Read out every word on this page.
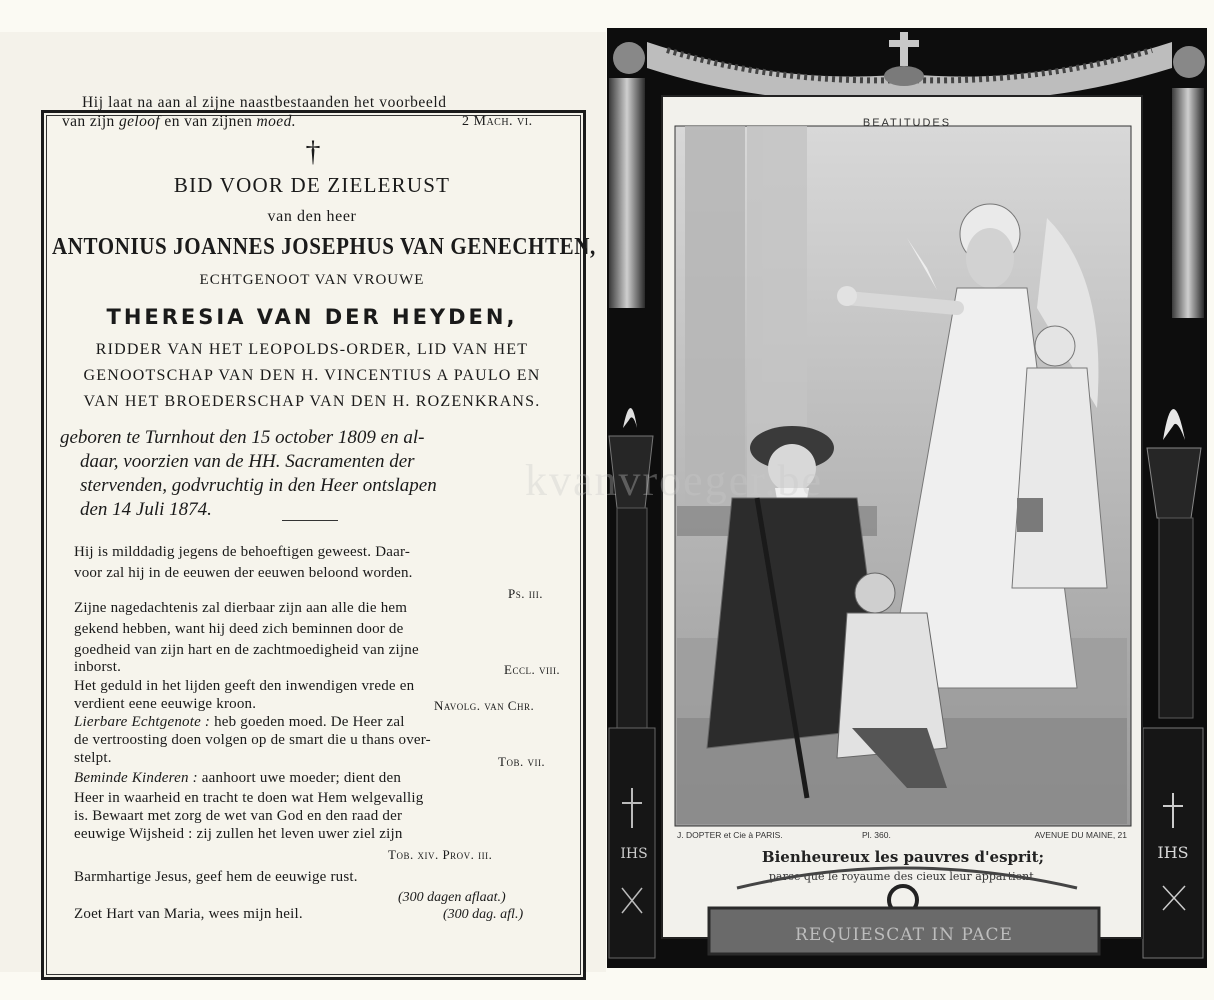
Hij laat na aan al zijne naastbestaanden het voorbeeld
van zijn geloof en van zijnen moed.	2 Mach. vi.
†
BID VOOR DE ZIELERUST
van den heer
ANTONIUS JOANNES JOSEPHUS VAN GENECHTEN,
ECHTGENOOT VAN VROUWE
THERESIA VAN DER HEYDEN,
RIDDER VAN HET LEOPOLDS-ORDER, LID VAN HET
GENOOTSCHAP VAN DEN H. VINCENTIUS A PAULO EN
VAN HET BROEDERSCHAP VAN DEN H. ROZENKRANS.
geboren te Turnhout den 15 october 1809 en al-
daar, voorzien van de HH. Sacramenten der
stervenden, godvruchtig in den Heer ontslapen
den 14 Juli 1874.
Hij is milddadig jegens de behoeftigen geweest. Daar-
voor zal hij in de eeuwen der eeuwen beloond worden.
Ps. iii.
Zijne nagedachtenis zal dierbaar zijn aan alle die hem
gekend hebben, want hij deed zich beminnen door de
goedheid van zijn hart en de zachtmoedigheid van zijne
inborst.	Eccl. viii.
Het geduld in het lijden geeft den inwendigen vrede en
verdient eene eeuwige kroon.	Navolg. van Chr.
Lierbare Echtgenote : heb goeden moed. De Heer zal
de vertroosting doen volgen op de smart die u thans over-
stelpt.	Tob. vii.
Beminde Kinderen : aanhoort uwe moeder; dient den
Heer in waarheid en tracht te doen wat Hem welgevallig
is. Bewaart met zorg de wet van God en den raad der
eeuwige Wijsheid : zij zullen het leven uwer ziel zijn
Tob. xiv. Prov. iii.
Barmhartige Jesus, geef hem de eeuwige rust.
(300 dagen aflaat.)
Zoet Hart van Maria, wees mijn heil.	(300 dag. afl.)
BEATITUDES
J. DOPTER et Cie à PARIS.	Pl. 360.	AVENUE DU MAINE, 21
Bienheureux les pauvres d'esprit;
parce que le royaume des cieux leur appartient.
REQUIESCAT IN PACE
IHS	IHS
kvanvroeger.be
